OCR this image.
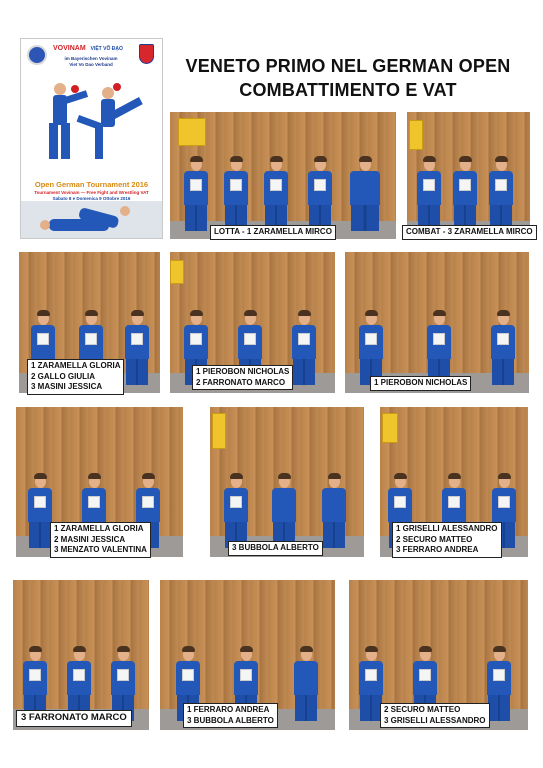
VENETO PRIMO NEL GERMAN OPEN
COMBATTIMENTO E VAT
VOVINAM VIỆT VÕ ĐẠO
im Bayerischen Vovinam
Viet Vo Dao Verband
Open German Tournament 2016
Tournament Vovinam — Free Fight and Wrestling VAT
Sabato 8 e Domenica 9 Ottobre 2016
LOTTA - 1 ZARAMELLA MIRCO	COMBAT - 3 ZARAMELLA MIRCO
1 ZARAMELLA GLORIA
2 GALLO GIULIA
3 MASINI JESSICA
1 PIEROBON NICHOLAS
2 FARRONATO MARCO	1 PIEROBON NICHOLAS
1 ZARAMELLA GLORIA
2 MASINI JESSICA
3 MENZATO VALENTINA	3 BUBBOLA ALBERTO
1 GRISELLI ALESSANDRO
2 SECURO MATTEO
3 FERRARO ANDREA
3 FARRONATO MARCO
1 FERRARO ANDREA
3 BUBBOLA ALBERTO
2 SECURO MATTEO
3 GRISELLI ALESSANDRO
